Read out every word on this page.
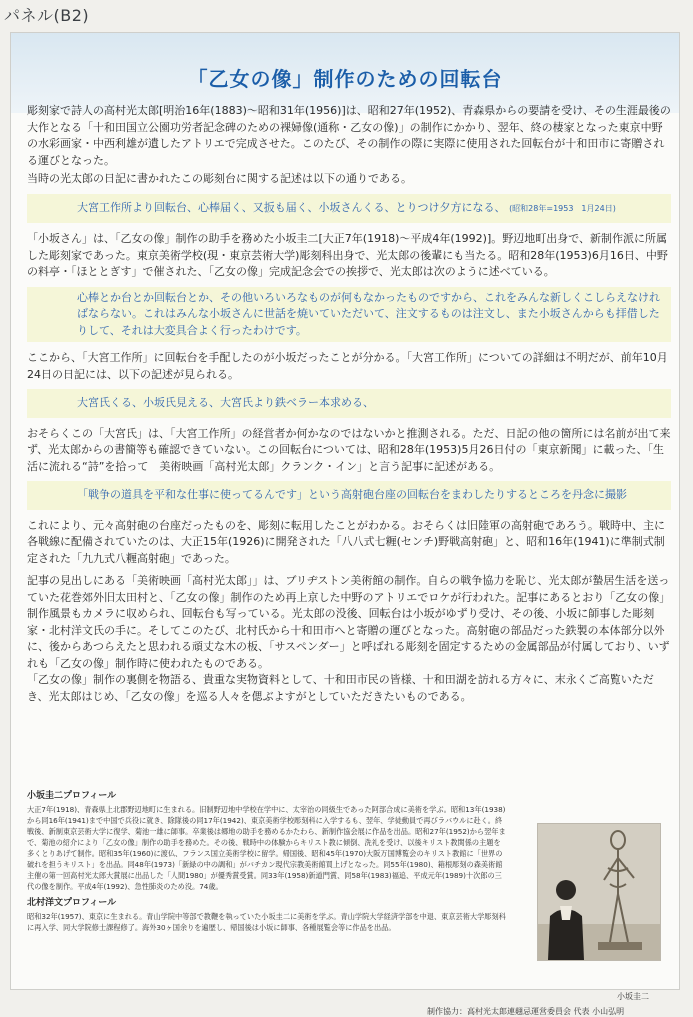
パネル(B2)
「乙女の像」制作のための回転台

彫刻家で詩人の高村光太郎[明治16年(1883)～昭和31年(1956)]は、昭和27年(1952)、青森県からの要請を受け、その生涯最後の大作となる「十和田国立公園功労者記念碑のための裸婦像(通称・乙女の像)」の制作にかかり、翌年、終の棲家となった東京中野の水彩画家・中西利雄が遺したアトリエで完成させた。このたび、その制作の際に実際に使用された回転台が十和田市に寄贈される運びとなった。

当時の光太郎の日記に書かれたこの彫刻台に関する記述は以下の通りである。

大宮工作所より回転台、心棒届く、又扳も届く、小坂さんくる、とりつけ夕方になる、 (昭和28年=1953　1月24日)

「小坂さん」は、「乙女の像」制作の助手を務めた小坂圭二[大正7年(1918)～平成4年(1992)]。野辺地町出身で、新制作派に所属した彫刻家であった。東京美術学校(現・東京芸術大学)彫刻科出身で、光太郎の後輩にも当たる。昭和28年(1953)6月16日、中野の料亭・「ほととぎす」で催された、「乙女の像」完成記念会での挨拶で、光太郎は次のように述べている。

心棒とか台とか回転台とか、その他いろいろなものが何もなかったものですから、これをみんな新しくこしらえなければならない。これはみんな小坂さんに世話を焼いていただいて、注文するものは注文し、また小坂さんからも拝借したりして、それは大変具合よく行ったわけです。

ここから、「大宮工作所」に回転台を手配したのが小坂だったことが分かる。「大宮工作所」についての詳細は不明だが、前年10月24日の日記には、以下の記述が見られる。

大宮氏くる、小坂氏見える、大宮氏より鉄ベラー本求める、

おそらくこの「大宮氏」は、「大宮工作所」の経営者か何かなのではないかと推測される。ただ、日記の他の箇所には名前が出て来ず、光太郎からの書簡等も確認できていない。この回転台については、昭和28年(1953)5月26日付の「東京新聞」に載った、「生活に流れる“詩”を拾って　美術映画「高村光太郎」クランク・イン」と言う記事に記述がある。

「戦争の道具を平和な仕事に使ってるんです」という高射砲台座の回転台をまわしたりするところを丹念に撮影

これにより、元々高射砲の台座だったものを、彫刻に転用したことがわかる。おそらくは旧陸軍の高射砲であろう。戦時中、主に各戦線に配備されていたのは、大正15年(1926)に開発された「八八式七糎(センチ)野戦高射砲」と、昭和16年(1941)に準制式制定された「九九式八糎高射砲」であった。

記事の見出しにある「美術映画「高村光太郎」」は、ブリヂストン美術館の制作。自らの戦争協力を恥じ、光太郎が蟄居生活を送っていた花巻郊外旧太田村と、「乙女の像」制作のため再上京した中野のアトリエでロケが行われた。記事にあるとおり「乙女の像」制作風景もカメラに収められ、回転台も写っている。光太郎の没後、回転台は小坂がゆずり受け、その後、小坂に師事した彫刻家・北村洋文氏の手に。そしてこのたび、北村氏から十和田市へと寄贈の運びとなった。高射砲の部品だった鉄製の本体部分以外に、後からあつらえたと思われる頑丈な木の板、「サスペンダー」と呼ばれる彫刻を固定するための金属部品が付属しており、いずれも「乙女の像」制作時に使われたものである。

「乙女の像」制作の裏側を物語る、貴重な実物資料として、十和田市民の皆様、十和田湖を訪れる方々に、末永くご高覧いただき、光太郎はじめ、「乙女の像」を巡る人々を偲ぶよすがとしていただきたいものである。

小坂圭二プロフィール
大正7年(1918)、青森県上北郡野辺地町に生まれる。旧制野辺地中学校在学中に、太宰治の同級生であった阿部合成に美術を学ぶ。昭和13年(1938)から同16年(1941)まで中国で兵役に就き、除隊後の同17年(1942)、東京美術学校彫刻科に入学するも、翌年、学徒動員で再びラバウルに赴く。終戦後、新制東京芸術大学に復学、菊池一雄に師事。卒業後は郷地の助手を務めるかたわら、新制作協会展に作品を出品。昭和27年(1952)から翌年まで、菊池の紹介により「乙女の像」制作の助手を務めた。その後、戦時中の体験からキリスト教に傾倒、洗礼を受け、以後キリスト教関係の主題を多くとりあげて制作。昭和35年(1960)に渡仏、フランス国立美術学校に留学。帰国後、昭和45年(1970)大阪万国博覧会のキリスト教館に「世界の破れを担うキリスト」を出品。同48年(1973)「新緑の中の調和」がバチカン現代宗教美術館買上げとなった。同55年(1980)、箱根彫刻の森美術館主催の第一回高村光太郎大賞展に出品した「人間1980」が優秀賞受賞。同33年(1958)新道門賞、同58年(1983)福追、平成元年(1989)十次郎の三代の像を制作。平成4年(1992)、急性肺炎のため没。74歳。
北村洋文プロフィール
昭和32年(1957)、東京に生まれる。青山学院中等部で教鞭を執っていた小坂圭二に美術を学ぶ。青山学院大学経済学部を中退、東京芸術大学彫刻科に再入学、同大学院修士課程修了。海外30ヶ国余りを遍歴し、帰国後は小坂に師事、各種展覧会等に作品を出品。
小坂圭二
制作協力：高村光太郎連翹忌運営委員会 代表 小山弘明
